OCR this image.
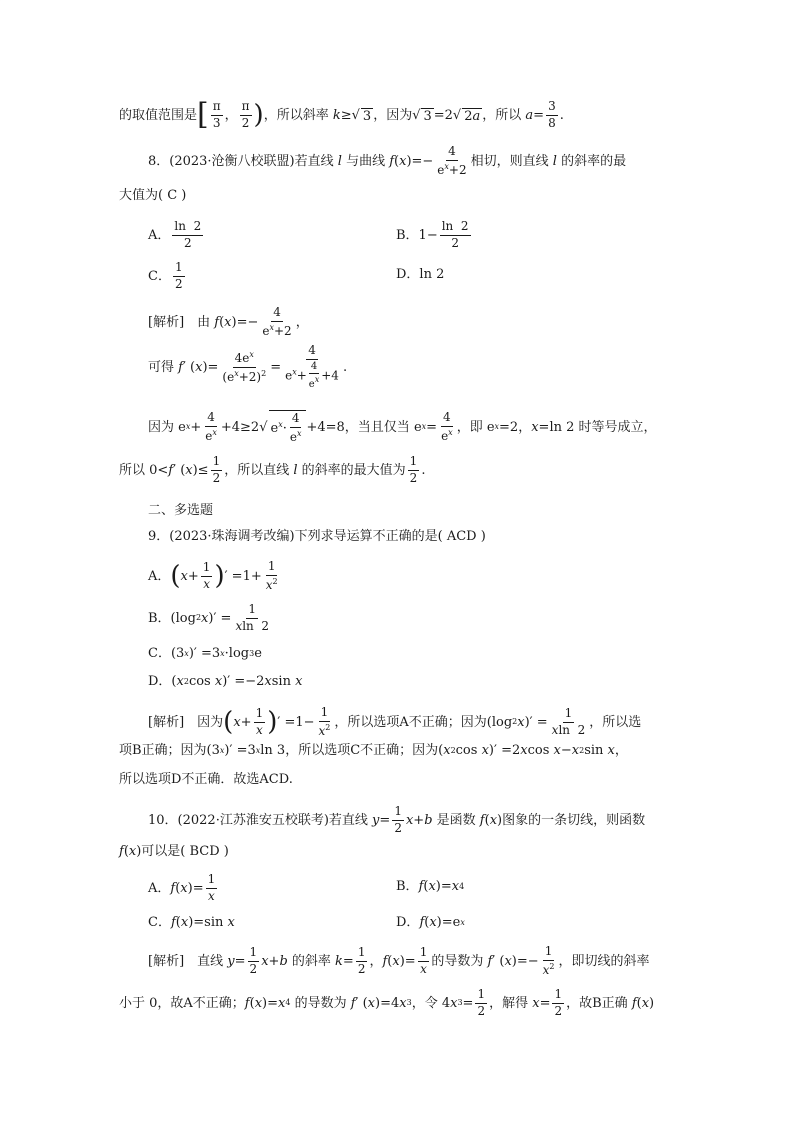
的取值范围是 [ $\frac{\pi}{3}$ ， $\frac{\pi}{2}$ ) ，所以斜率 k ≥√ 3 ，因为√ 3 =2√ 2a ，所以 $a = \frac{3}{8}$ .
8．(2023·沧衡八校联盟)若直线 l 与曲线 f ( x )=− $\frac{4}{e^x+2}$ 相切，则直线 l 的斜率的最
大值为( C )
A． $\frac{\ln 2}{2}$	B．$1- \frac{\ln 2}{2}$
C． $\frac{1}{2}$	D．ln 2
[解析]　由 f ( x )=− $\frac{4}{e^x+2}$ ，
可得 f ′ ( x )= $\frac{4e^x}{(e^x+2)^2} = \frac{4}{e^x+ \frac{4}{e^x} +4}$ .
因为 e $x + \frac{4}{e^x} +4\ge 2√$ $e^x\cdot \frac{4}{e^x} +4=8$，当且仅当 e $x = \frac{4}{e^x}$ ，即 e x =2， x =ln 2 时等号成立，
所以 0< f ′ ( x )≤ $\frac{1}{2}$ ，所以直线 l 的斜率的最大值为 $\frac{1}{2}$ .
二、多选题
9．(2023·珠海调考改编)下列求导运算不正确的是( ACD )
A． ( $x + \frac{1}{x}$ ) ′ $=1+ \frac{1}{x^2}$
B．(log 2 x )′ = $\frac{1}{xln 2}$
C．(3 x )′ =3 x ·log 3 e
D．( x 2 cos x )′ =−2 x sin x
[解析]　因为 ( $x + \frac{1}{x}$ ) ′ $=1- \frac{1}{x^2}$ ，所以选项A不正确；因为(log 2 x )′ = $\frac{1}{xln 2}$ ，所以选
项B正确；因为(3 x )′ =3 x ln 3，所以选项C不正确；因为( x 2 cos x )′ =2 x cos x − x 2 sin x ，
所以选项D不正确．故选ACD.
10．(2022·江苏淮安五校联考)若直线 $y = \frac{1}{2}$ x + b 是函数 f ( x )图象的一条切线，则函数
f ( x )可以是( BCD )
A． f ( x )= $\frac{1}{x}$	B． f ( x )= x 4
C． f ( x )=sin x	D． f ( x )=e x
[解析]　直线 $y = \frac{1}{2}$ x + b 的斜率 $k = \frac{1}{2}$ ， f ( x )= $\frac{1}{x}$ 的导数为 f ′ ( x )=− $\frac{1}{x^2}$ ，即切线的斜率
小于 0，故A不正确； f ( x )= x 4 的导数为 f ′ ( x )=4 x 3 ，令 4 x $3 = \frac{1}{2}$ ，解得 $x = \frac{1}{2}$ ，故B正确 f ( x )
